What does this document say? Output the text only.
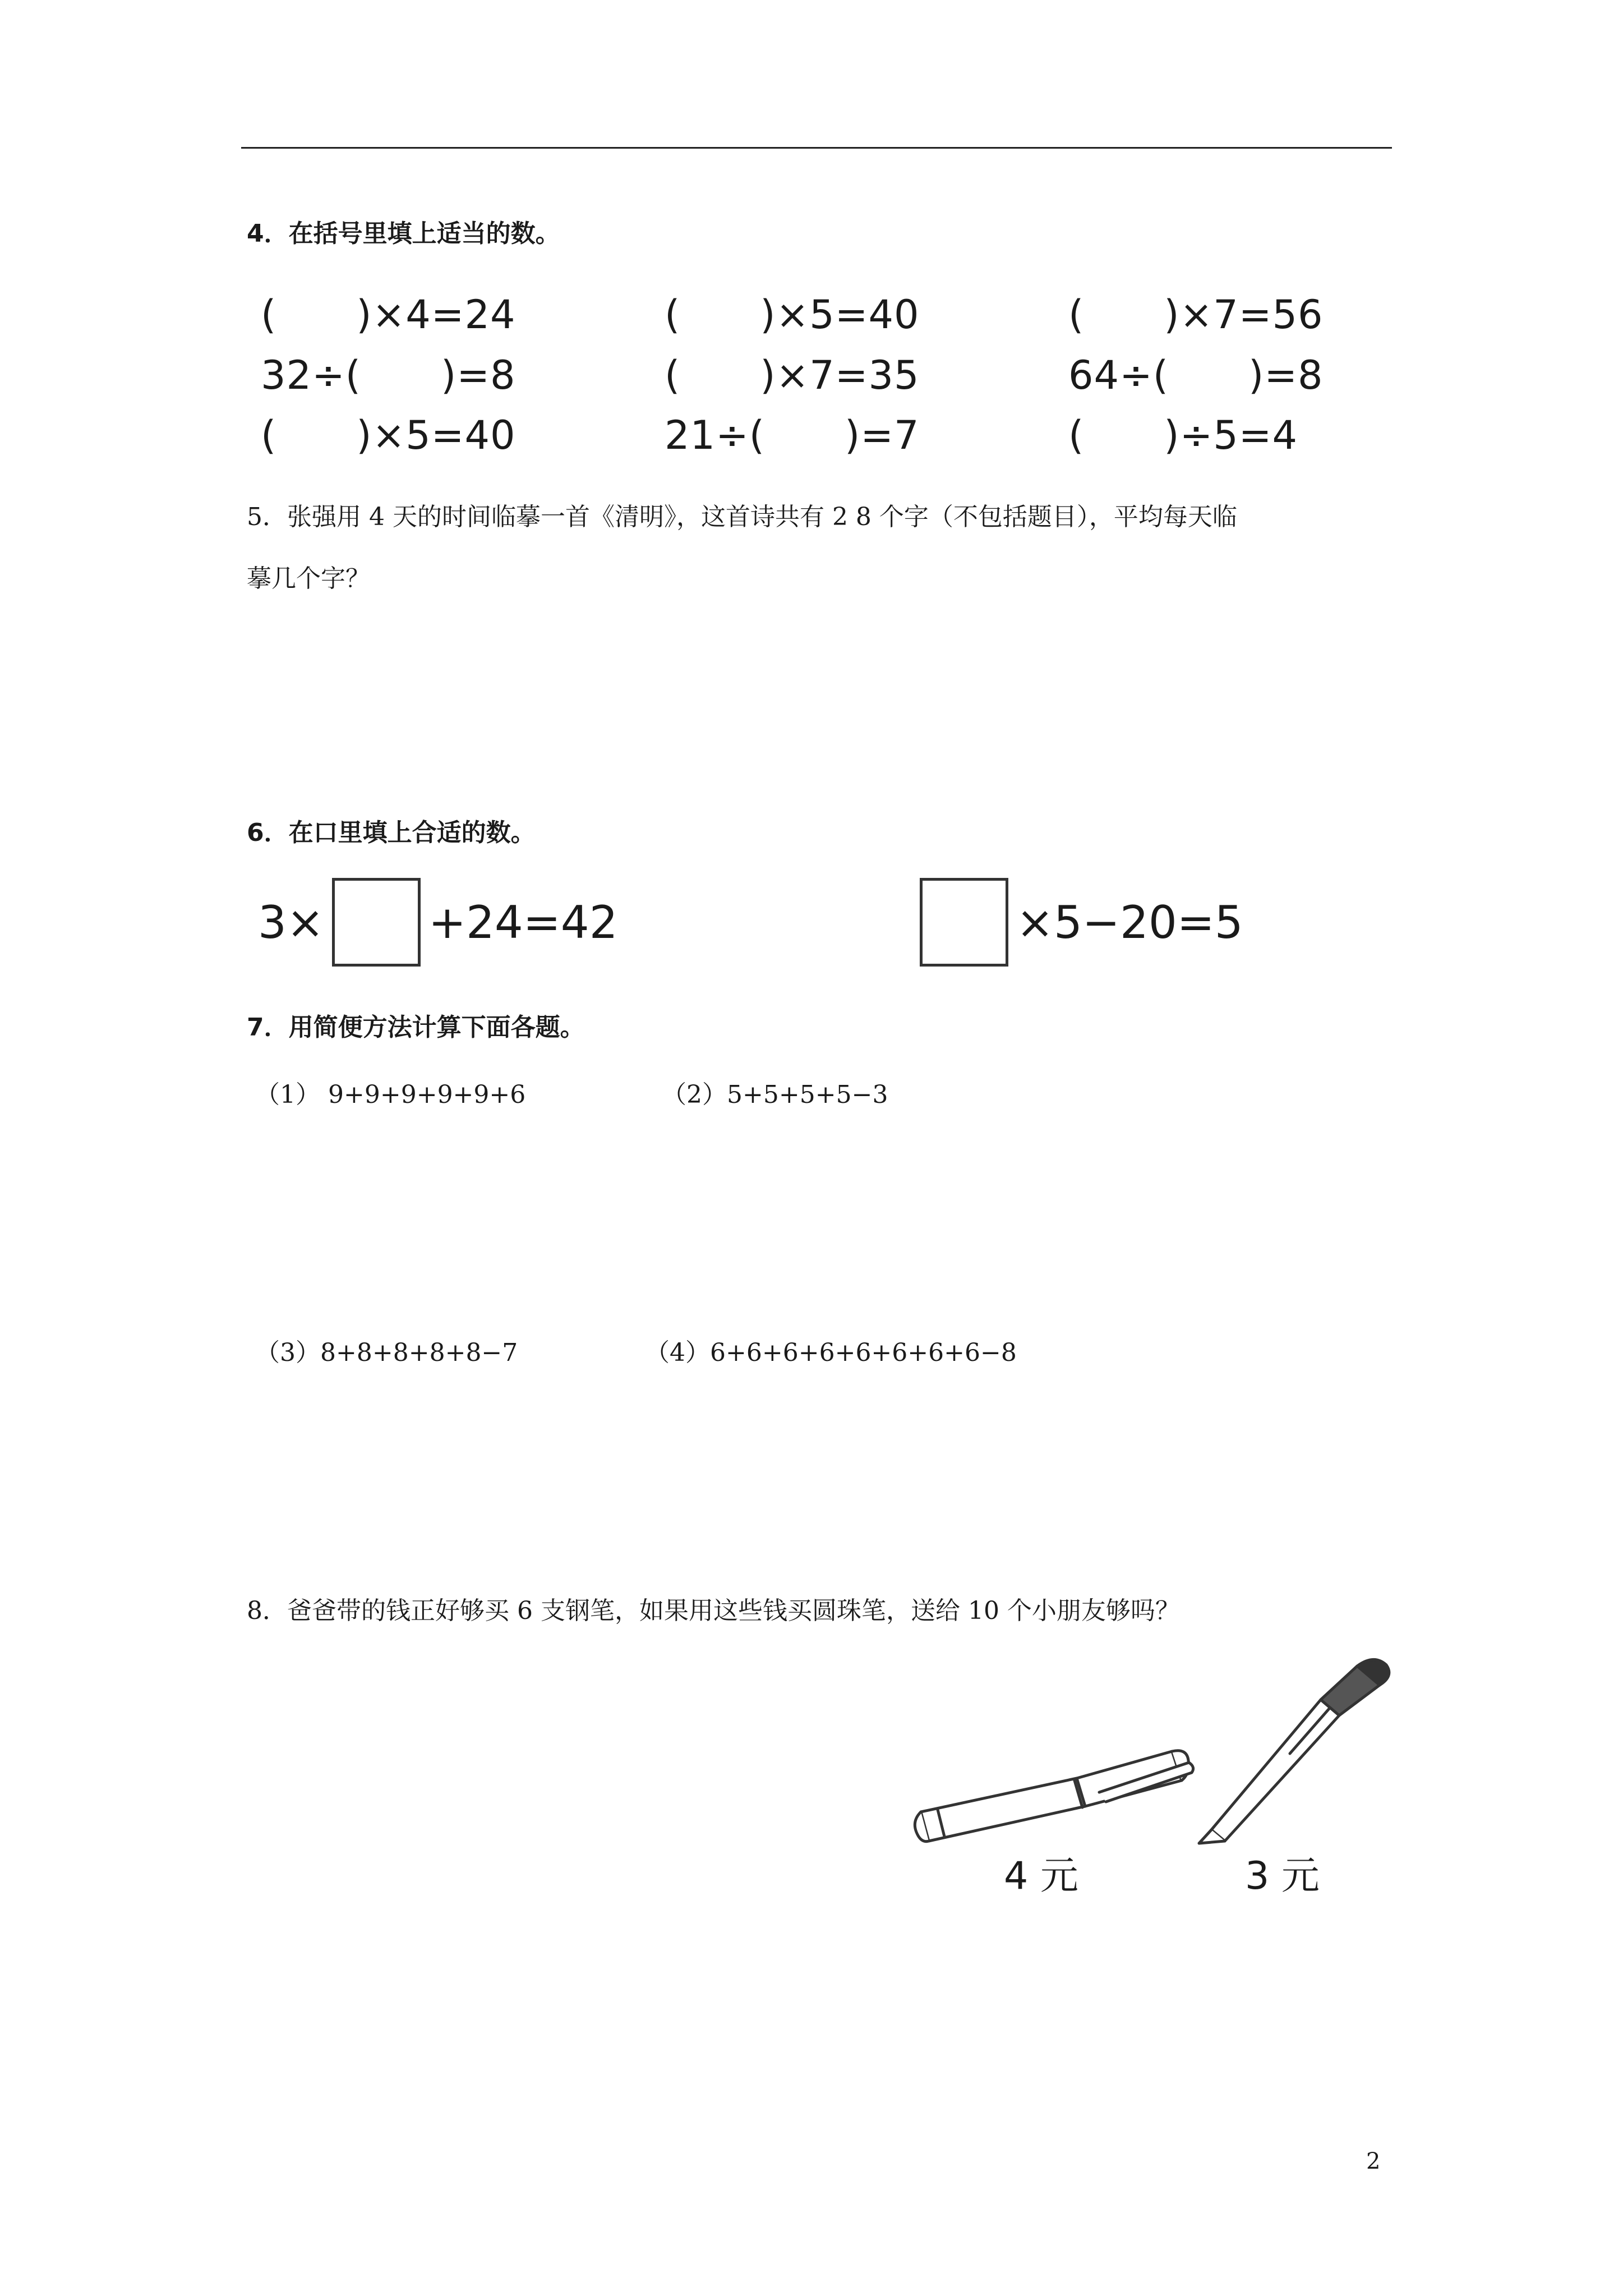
4．在括号里填上适当的数。
(　　)×4=24	(　　)×5=40	(　　)×7=56
32÷(　　)=8	(　　)×7=35	64÷(　　)=8
(　　)×5=40	21÷(　　)=7	(　　)÷5=4
5．张强用 4 天的时间临摹一首《清明》，这首诗共有 2 8 个字（不包括题目），平均每天临
摹几个字？
6．在口里填上合适的数。
3× +24=42	×5−20=5
7．用简便方法计算下面各题。
（1） 9+9+9+9+9+6	（2）5+5+5+5−3
（3）8+8+8+8+8−7	（4）6+6+6+6+6+6+6+6−8
8．爸爸带的钱正好够买 6 支钢笔，如果用这些钱买圆珠笔，送给 10 个小朋友够吗？
4 元	3 元
2
